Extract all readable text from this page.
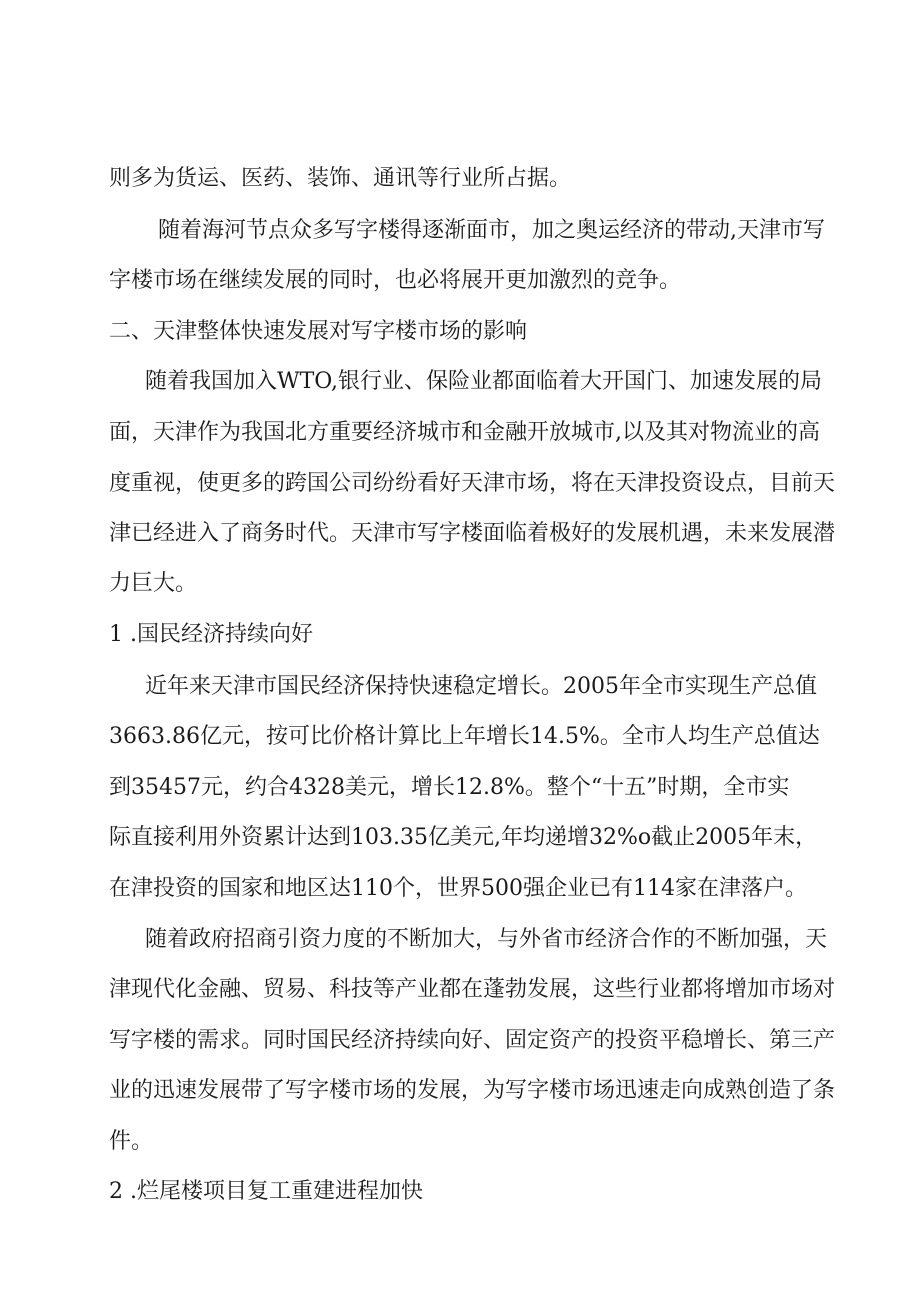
则多为货运、医药、装饰、通讯等行业所占据。
随着海河节点众多写字楼得逐渐面市，加之奥运经济的带动,天津市写
字楼市场在继续发展的同时，也必将展开更加激烈的竞争。
二、天津整体快速发展对写字楼市场的影响
随着我国加入WTO,银行业、保险业都面临着大开国门、加速发展的局
面，天津作为我国北方重要经济城市和金融开放城市,以及其对物流业的高
度重视，使更多的跨国公司纷纷看好天津市场，将在天津投资设点，目前天
津已经进入了商务时代。天津市写字楼面临着极好的发展机遇，未来发展潜
力巨大。
1 .国民经济持续向好
近年来天津市国民经济保持快速稳定增长。2005年全市实现生产总值
3663.86亿元，按可比价格计算比上年增长14.5%。全市人均生产总值达
到35457元，约合4328美元，增长12.8%。整个“十五”时期，全市实
际直接利用外资累计达到103.35亿美元,年均递增32%o截止2005年末，
在津投资的国家和地区达110个，世界500强企业已有114家在津落户。
随着政府招商引资力度的不断加大，与外省市经济合作的不断加强，天
津现代化金融、贸易、科技等产业都在蓬勃发展，这些行业都将增加市场对
写字楼的需求。同时国民经济持续向好、固定资产的投资平稳增长、第三产
业的迅速发展带了写字楼市场的发展，为写字楼市场迅速走向成熟创造了条
件。
2 .烂尾楼项目复工重建进程加快
